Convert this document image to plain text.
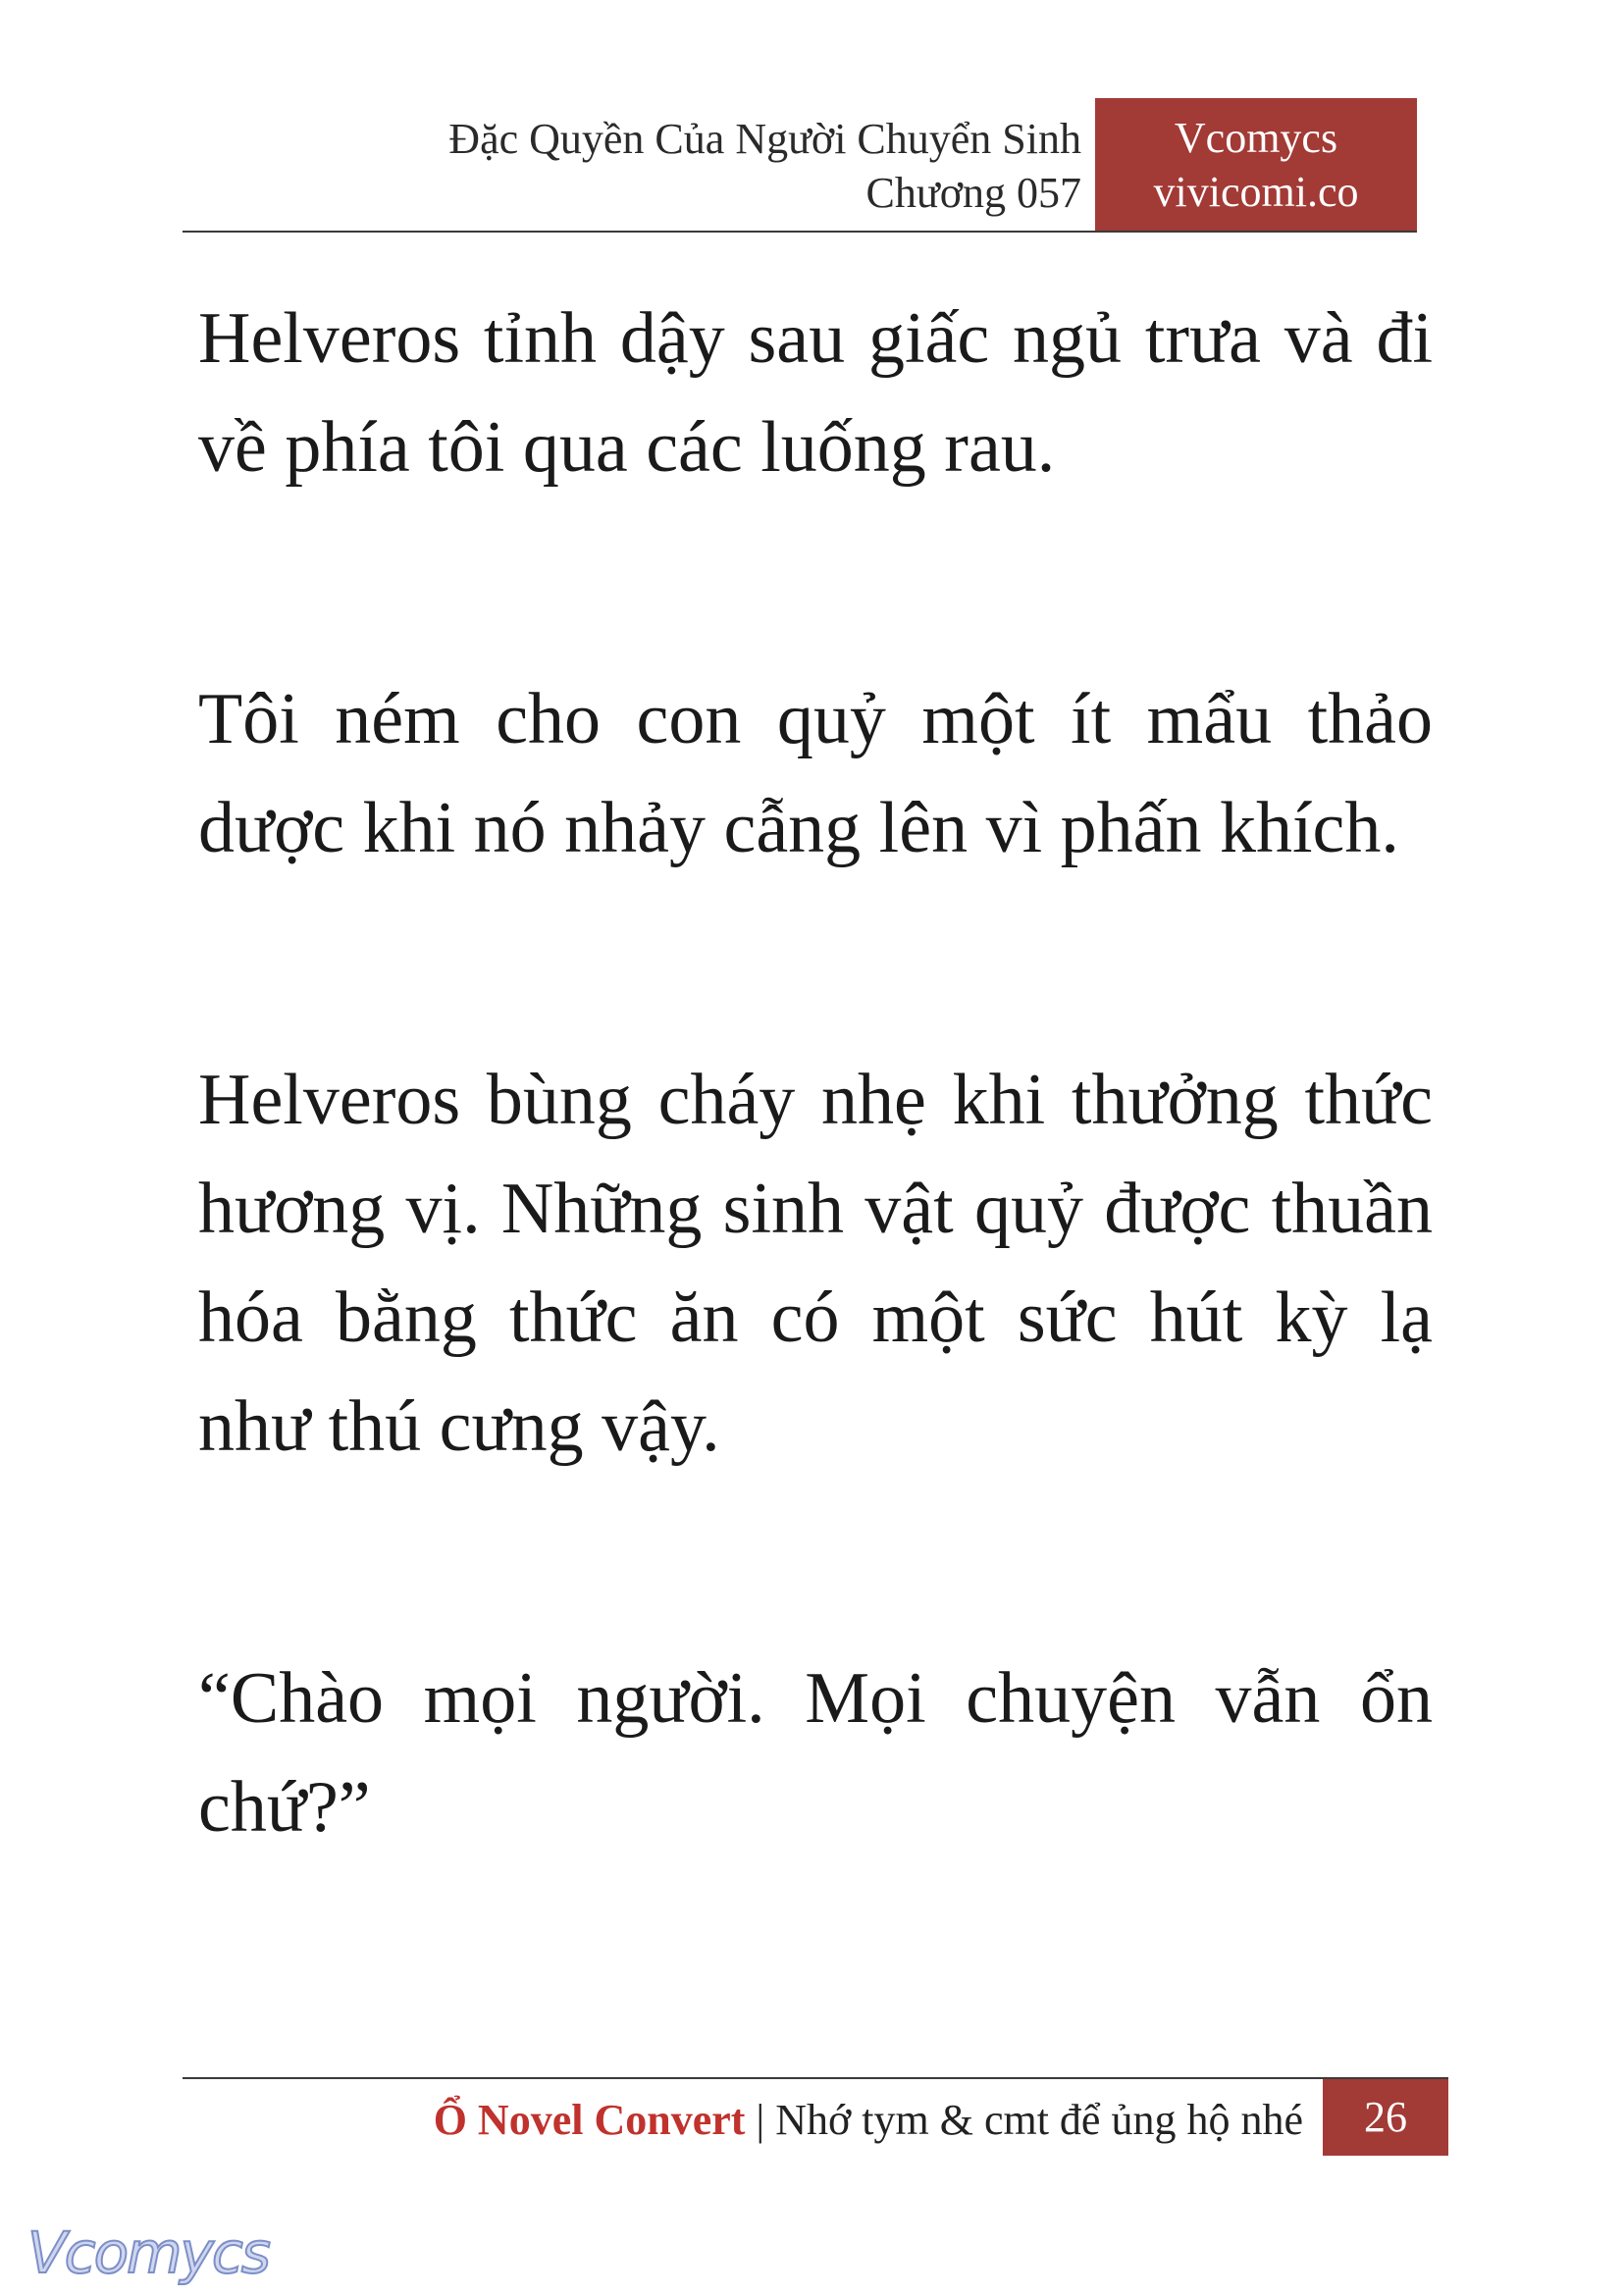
Đặc Quyền Của Người Chuyển Sinh
Chương 057
Vcomycs
vivicomi.co

Helveros tỉnh dậy sau giấc ngủ trưa và đi về phía tôi qua các luống rau.

Tôi ném cho con quỷ một ít mẩu thảo dược khi nó nhảy cẫng lên vì phấn khích.

Helveros bùng cháy nhẹ khi thưởng thức hương vị. Những sinh vật quỷ được thuần hóa bằng thức ăn có một sức hút kỳ lạ như thú cưng vậy.

“Chào mọi người. Mọi chuyện vẫn ổn chứ?”

Ổ Novel Convert | Nhớ tym & cmt để ủng hộ nhé	26
Vcomycs
